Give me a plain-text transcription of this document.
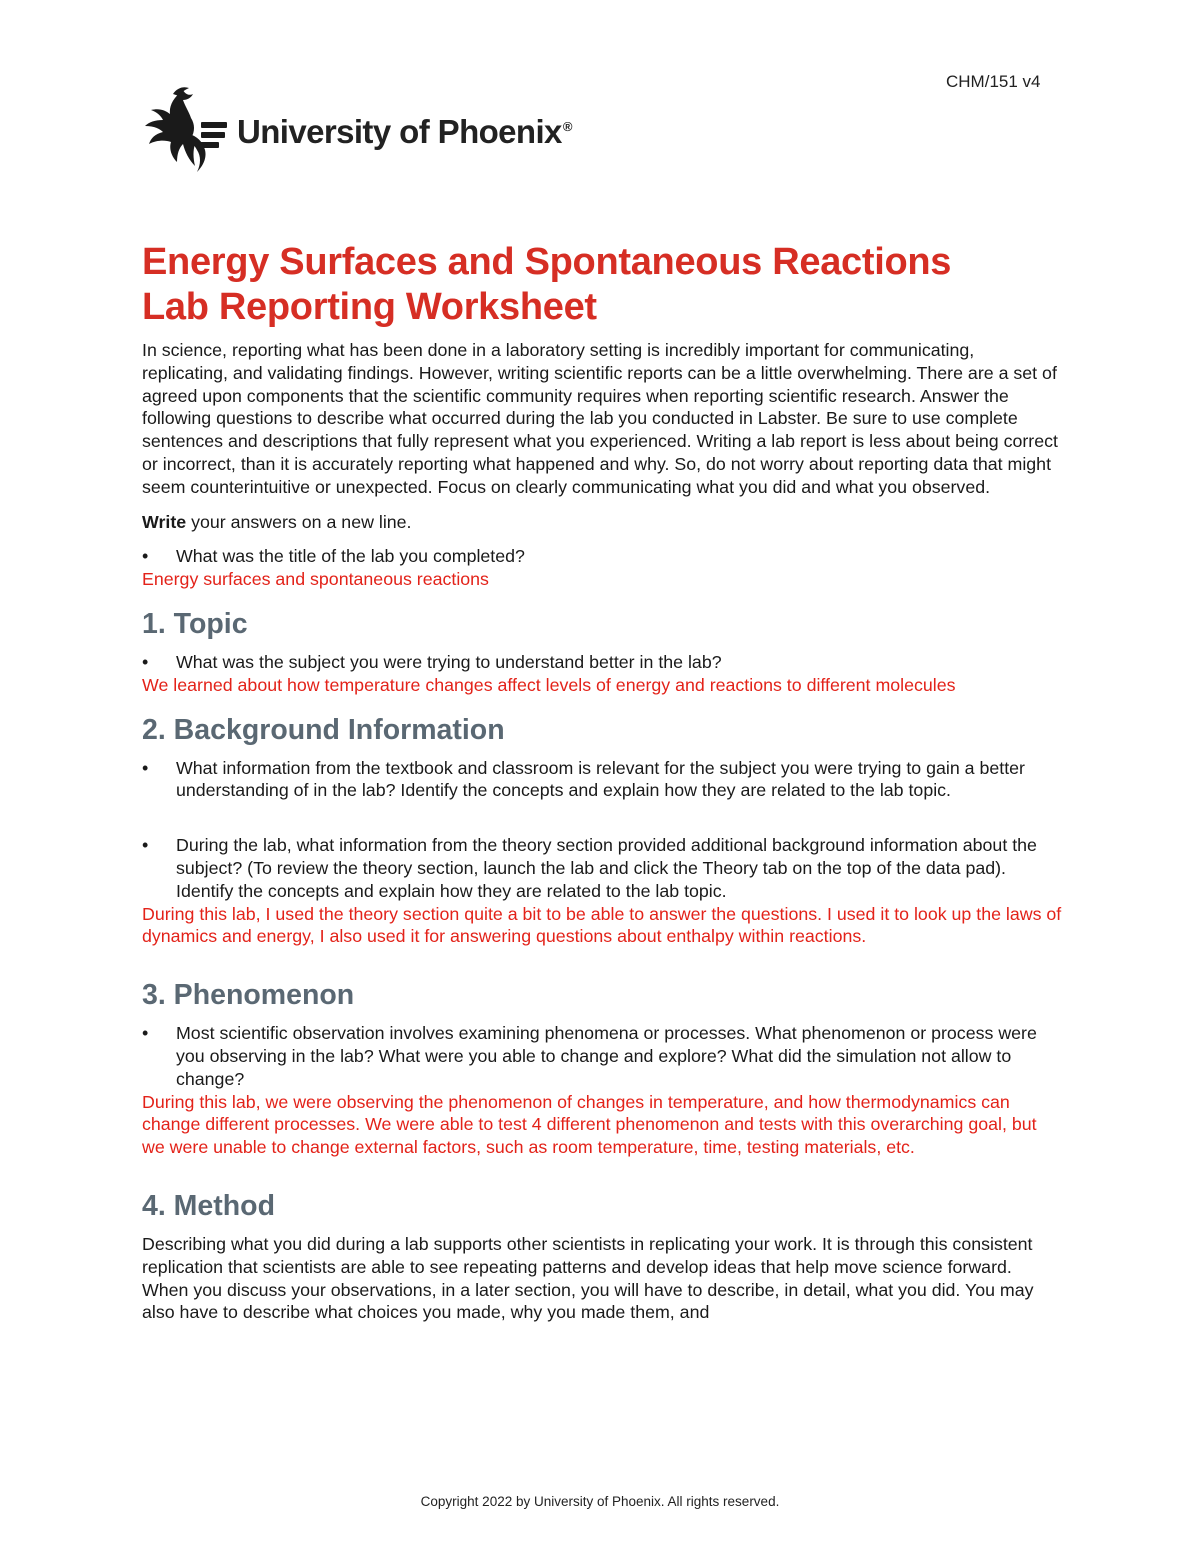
CHM/151 v4
University of Phoenix®
Energy Surfaces and Spontaneous Reactions
Lab Reporting Worksheet

In science, reporting what has been done in a laboratory setting is incredibly important for communicating, replicating, and validating findings. However, writing scientific reports can be a little overwhelming. There are a set of agreed upon components that the scientific community requires when reporting scientific research. Answer the following questions to describe what occurred during the lab you conducted in Labster. Be sure to use complete sentences and descriptions that fully represent what you experienced. Writing a lab report is less about being correct or incorrect, than it is accurately reporting what happened and why. So, do not worry about reporting data that might seem counterintuitive or unexpected. Focus on clearly communicating what you did and what you observed.

Write your answers on a new line.

• What was the title of the lab you completed?
Energy surfaces and spontaneous reactions
1. Topic
• What was the subject you were trying to understand better in the lab?
We learned about how temperature changes affect levels of energy and reactions to different molecules
2. Background Information
• What information from the textbook and classroom is relevant for the subject you were trying to gain a better understanding of in the lab? Identify the concepts and explain how they are related to the lab topic.
• During the lab, what information from the theory section provided additional background information about the subject? (To review the theory section, launch the lab and click the Theory tab on the top of the data pad). Identify the concepts and explain how they are related to the lab topic.
During this lab, I used the theory section quite a bit to be able to answer the questions. I used it to look up the laws of dynamics and energy, I also used it for answering questions about enthalpy within reactions.
3. Phenomenon
• Most scientific observation involves examining phenomena or processes. What phenomenon or process were you observing in the lab? What were you able to change and explore? What did the simulation not allow to change?
During this lab, we were observing the phenomenon of changes in temperature, and how thermodynamics can change different processes. We were able to test 4 different phenomenon and tests with this overarching goal, but we were unable to change external factors, such as room temperature, time, testing materials, etc.
4. Method

Describing what you did during a lab supports other scientists in replicating your work. It is through this consistent replication that scientists are able to see repeating patterns and develop ideas that help move science forward. When you discuss your observations, in a later section, you will have to describe, in detail, what you did. You may also have to describe what choices you made, why you made them, and

Copyright 2022 by University of Phoenix. All rights reserved.
